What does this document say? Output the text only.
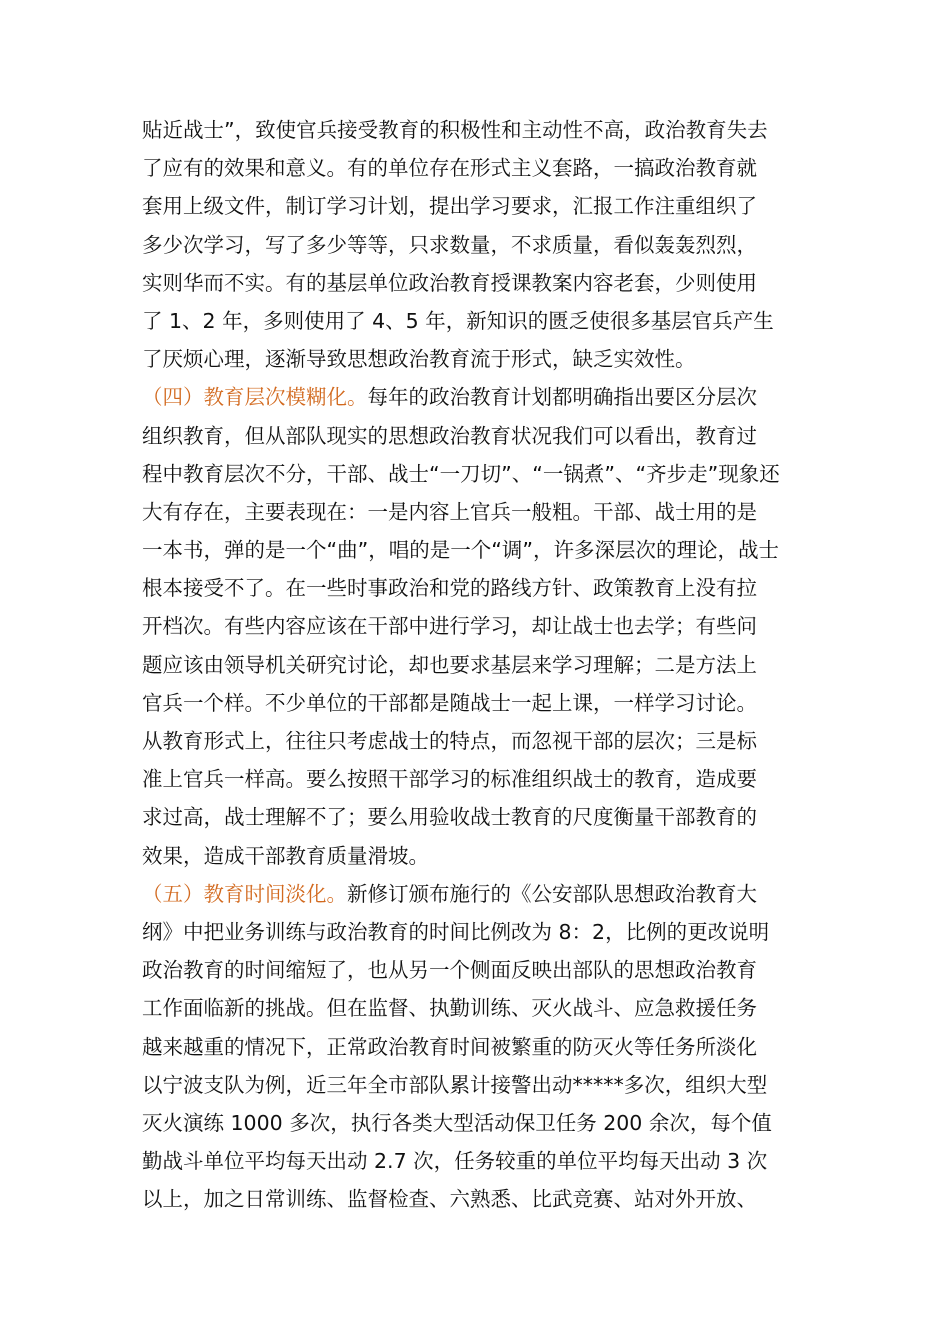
贴近战士”，致使官兵接受教育的积极性和主动性不高，政治教育失去
了应有的效果和意义。有的单位存在形式主义套路，一搞政治教育就
套用上级文件，制订学习计划，提出学习要求，汇报工作注重组织了
多少次学习，写了多少等等，只求数量，不求质量，看似轰轰烈烈，
实则华而不实。有的基层单位政治教育授课教案内容老套，少则使用
了 1、2 年，多则使用了 4、5 年，新知识的匮乏使很多基层官兵产生
了厌烦心理，逐渐导致思想政治教育流于形式，缺乏实效性。
（四）教育层次模糊化。每年的政治教育计划都明确指出要区分层次
组织教育，但从部队现实的思想政治教育状况我们可以看出，教育过
程中教育层次不分，干部、战士“一刀切”、“一锅煮”、“齐步走”现象还
大有存在，主要表现在：一是内容上官兵一般粗。干部、战士用的是
一本书，弹的是一个“曲”，唱的是一个“调”，许多深层次的理论，战士
根本接受不了。在一些时事政治和党的路线方针、政策教育上没有拉
开档次。有些内容应该在干部中进行学习，却让战士也去学；有些问
题应该由领导机关研究讨论，却也要求基层来学习理解；二是方法上
官兵一个样。不少单位的干部都是随战士一起上课，一样学习讨论。
从教育形式上，往往只考虑战士的特点，而忽视干部的层次；三是标
准上官兵一样高。要么按照干部学习的标准组织战士的教育，造成要
求过高，战士理解不了；要么用验收战士教育的尺度衡量干部教育的
效果，造成干部教育质量滑坡。
（五）教育时间淡化。新修订颁布施行的《公安部队思想政治教育大
纲》中把业务训练与政治教育的时间比例改为 8：2，比例的更改说明
政治教育的时间缩短了，也从另一个侧面反映出部队的思想政治教育
工作面临新的挑战。但在监督、执勤训练、灭火战斗、应急救援任务
越来越重的情况下，正常政治教育时间被繁重的防灭火等任务所淡化
以宁波支队为例，近三年全市部队累计接警出动*****多次，组织大型
灭火演练 1000 多次，执行各类大型活动保卫任务 200 余次，每个值
勤战斗单位平均每天出动 2.7 次，任务较重的单位平均每天出动 3 次
以上，加之日常训练、监督检查、六熟悉、比武竞赛、站对外开放、
